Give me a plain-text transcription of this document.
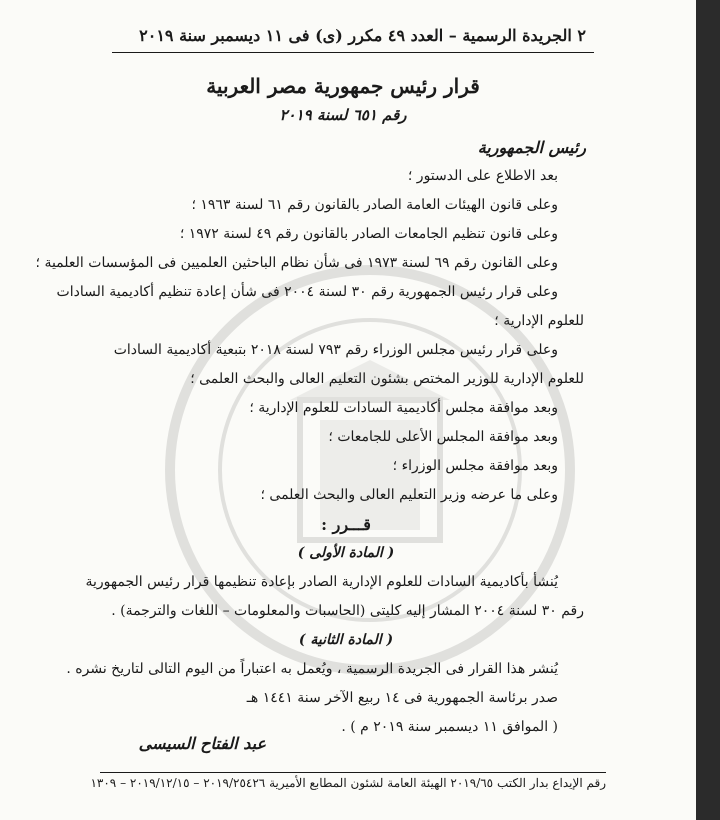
٢ الجريدة الرسمية – العدد ٤٩ مكرر (ى) فى ١١ ديسمبر سنة ٢٠١٩
قرار رئيس جمهورية مصر العربية
رقم ٦٥١ لسنة ٢٠١٩
رئيس الجمهورية
بعد الاطلاع على الدستور ؛
وعلى قانون الهيئات العامة الصادر بالقانون رقم ٦١ لسنة ١٩٦٣ ؛
وعلى قانون تنظيم الجامعات الصادر بالقانون رقم ٤٩ لسنة ١٩٧٢ ؛
وعلى القانون رقم ٦٩ لسنة ١٩٧٣ فى شأن نظام الباحثين العلميين فى المؤسسات العلمية ؛
وعلى قرار رئيس الجمهورية رقم ٣٠ لسنة ٢٠٠٤ فى شأن إعادة تنظيم أكاديمية السادات
للعلوم الإدارية ؛
وعلى قرار رئيس مجلس الوزراء رقم ٧٩٣ لسنة ٢٠١٨ بتبعية أكاديمية السادات
للعلوم الإدارية للوزير المختص بشئون التعليم العالى والبحث العلمى ؛
وبعد موافقة مجلس أكاديمية السادات للعلوم الإدارية ؛
وبعد موافقة المجلس الأعلى للجامعات ؛
وبعد موافقة مجلس الوزراء ؛
وعلى ما عرضه وزير التعليم العالى والبحث العلمى ؛
قـــرر :
( المادة الأولى )
يُنشأ بأكاديمية السادات للعلوم الإدارية الصادر بإعادة تنظيمها قرار رئيس الجمهورية
رقم ٣٠ لسنة ٢٠٠٤ المشار إليه كليتى (الحاسبات والمعلومات – اللغات والترجمة) .
( المادة الثانية )
يُنشر هذا القرار فى الجريدة الرسمية ، ويُعمل به اعتباراً من اليوم التالى لتاريخ نشره .
صدر برئاسة الجمهورية فى ١٤ ربيع الآخر سنة ١٤٤١ هـ
( الموافق ١١ ديسمبر سنة ٢٠١٩ م ) .
عبد الفتاح السيسى
رقم الإيداع بدار الكتب ٢٠١٩/٦٥ الهيئة العامة لشئون المطابع الأميرية ٢٠١٩/٢٥٤٢٦ – ٢٠١٩/١٢/١٥ – ١٣٠٩
